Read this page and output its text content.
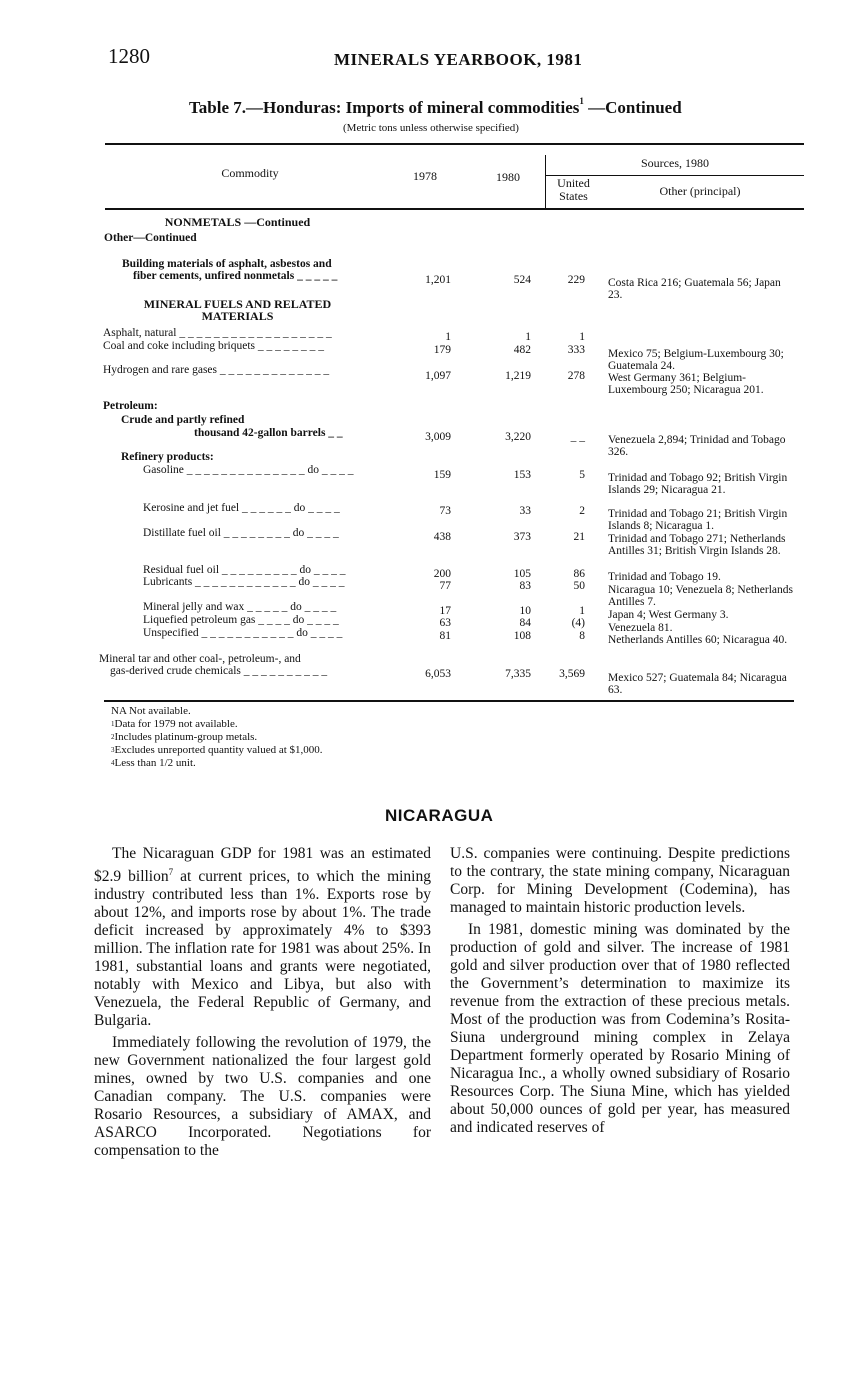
1280	MINERALS YEARBOOK, 1981
Table 7.—Honduras: Imports of mineral commodities$^1$ —Continued
(Metric tons unless otherwise specified)
Commodity	1978	1980
Sources, 1980
United States	Other (principal)
NONMETALS —Continued
Other—Continued
Building materials of asphalt, asbestos and
fiber cements, unfired nonmetals _ _ _ _ _	1,201	524	229 Costa Rica 216; Guatemala 56; Japan 23.
MINERAL FUELS AND RELATED
MATERIALS
Asphalt, natural _ _ _ _ _ _ _ _ _ _ _ _ _ _ _ _ _ _	1	1	1
Coal and coke including briquets _ _ _ _ _ _ _ _	179	482	333 Mexico 75; Belgium-Luxembourg 30; Guatemala 24.
Hydrogen and rare gases _ _ _ _ _ _ _ _ _ _ _ _ _	1,097	1,219	278 West Germany 361; Belgium-Luxembourg 250; Nicaragua 201.
Petroleum:
Crude and partly refined
thousand 42-gallon barrels _ _	3,009	3,220	_ _ Venezuela 2,894; Trinidad and Tobago 326.
Refinery products:
Gasoline _ _ _ _ _ _ _ _ _ _ _ _ _ _ do _ _ _ _	159	153	5 Trinidad and Tobago 92; British Virgin Islands 29; Nicaragua 21.
Kerosine and jet fuel _ _ _ _ _ _ do _ _ _ _	73	33	2 Trinidad and Tobago 21; British Virgin Islands 8; Nicaragua 1.
Distillate fuel oil _ _ _ _ _ _ _ _ do _ _ _ _	438	373	21 Trinidad and Tobago 271; Netherlands Antilles 31; British Virgin Islands 28.
Residual fuel oil _ _ _ _ _ _ _ _ _ do _ _ _ _	200	105	86 Trinidad and Tobago 19.
Lubricants _ _ _ _ _ _ _ _ _ _ _ _ do _ _ _ _	77	83	50 Nicaragua 10; Venezuela 8; Netherlands Antilles 7.
Mineral jelly and wax _ _ _ _ _ do _ _ _ _	17	10	1 Japan 4; West Germany 3.
Liquefied petroleum gas _ _ _ _ do _ _ _ _	63	84	(4) Venezuela 81.
Unspecified _ _ _ _ _ _ _ _ _ _ _ do _ _ _ _	81	108	8 Netherlands Antilles 60; Nicaragua 40.
Mineral tar and other coal-, petroleum-, and
gas-derived crude chemicals _ _ _ _ _ _ _ _ _ _	6,053	7,335	3,569 Mexico 527; Guatemala 84; Nicaragua 63.
NA Not available.
$^1$Data for 1979 not available.
$^2$Includes platinum-group metals.
$^3$Excludes unreported quantity valued at $1,000.
$^4$Less than 1/2 unit.
NICARAGUA

The Nicaraguan GDP for 1981 was an estimated $2.9 billion$^7$ at current prices, to which the mining industry contributed less than 1%. Exports rose by about 12%, and imports rose by about 1%. The trade deficit increased by approximately 4% to $393 million. The inflation rate for 1981 was about 25%. In 1981, substantial loans and grants were negotiated, notably with Mexico and Libya, but also with Venezuela, the Federal Republic of Germany, and Bulgaria.

Immediately following the revolution of 1979, the new Government nationalized the four largest gold mines, owned by two U.S. companies and one Canadian company. The U.S. companies were Rosario Resources, a subsidiary of AMAX, and ASARCO Incorporated. Negotiations for compensation to the

U.S. companies were continuing. Despite predictions to the contrary, the state mining company, Nicaraguan Corp. for Mining Development (Codemina), has managed to maintain historic production levels.

In 1981, domestic mining was dominated by the production of gold and silver. The increase of 1981 gold and silver production over that of 1980 reflected the Government’s determination to maximize its revenue from the extraction of these precious metals. Most of the production was from Codemina’s Rosita-Siuna underground mining complex in Zelaya Department formerly operated by Rosario Mining of Nicaragua Inc., a wholly owned subsidiary of Rosario Resources Corp. The Siuna Mine, which has yielded about 50,000 ounces of gold per year, has measured and indicated reserves of
